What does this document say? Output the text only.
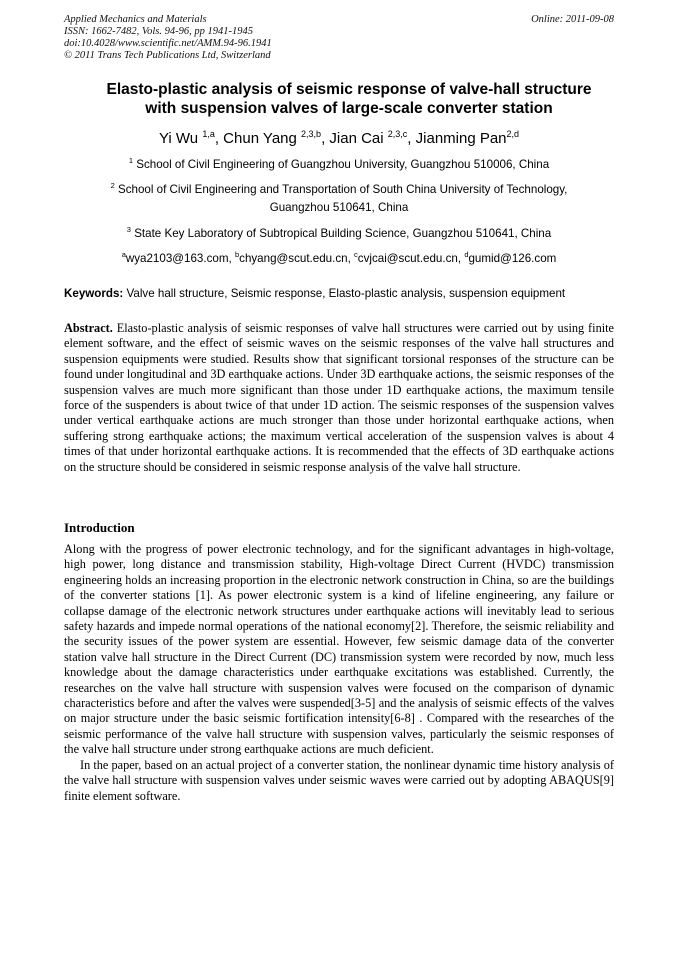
Applied Mechanics and Materials
ISSN: 1662-7482, Vols. 94-96, pp 1941-1945
doi:10.4028/www.scientific.net/AMM.94-96.1941
© 2011 Trans Tech Publications Ltd, Switzerland
Online: 2011-09-08
Elasto-plastic analysis of seismic response of valve-hall structure
with suspension valves of large-scale converter station
Yi Wu $^{1,a}$, Chun Yang $^{2,3,b}$, Jian Cai $^{2,3,c}$, Jianming Pan$^{2,d}$
$^1$ School of Civil Engineering of Guangzhou University, Guangzhou 510006, China
$^2$ School of Civil Engineering and Transportation of South China University of Technology,
Guangzhou 510641, China
$^3$ State Key Laboratory of Subtropical Building Science, Guangzhou 510641, China
$^a$wya2103@163.com, $^b$chyang@scut.edu.cn, $^c$cvjcai@scut.edu.cn, $^d$gumid@126.com
Keywords: Valve hall structure, Seismic response, Elasto-plastic analysis, suspension equipment
Abstract. Elasto-plastic analysis of seismic responses of valve hall structures were carried out by using finite element software, and the effect of seismic waves on the seismic responses of the valve hall structures and suspension equipments were studied. Results show that significant torsional responses of the structure can be found under longitudinal and 3D earthquake actions. Under 3D earthquake actions, the seismic responses of the suspension valves are much more significant than those under 1D earthquake actions, the maximum tensile force of the suspenders is about twice of that under 1D action. The seismic responses of the suspension valves under vertical earthquake actions are much stronger than those under horizontal earthquake actions, when suffering strong earthquake actions; the maximum vertical acceleration of the suspension valves is about 4 times of that under horizontal earthquake actions. It is recommended that the effects of 3D earthquake actions on the structure should be considered in seismic response analysis of the valve hall structure.
Introduction
Along with the progress of power electronic technology, and for the significant advantages in high-voltage, high power, long distance and transmission stability, High-voltage Direct Current (HVDC) transmission engineering holds an increasing proportion in the electronic network construction in China, so are the buildings of the converter stations [1]. As power electronic system is a kind of lifeline engineering, any failure or collapse damage of the electronic network structures under earthquake actions will inevitably lead to serious safety hazards and impede normal operations of the national economy[2]. Therefore, the seismic reliability and the security issues of the power system are essential. However, few seismic damage data of the converter station valve hall structure in the Direct Current (DC) transmission system were recorded by now, much less knowledge about the damage characteristics under earthquake excitations was established. Currently, the researches on the valve hall structure with suspension valves were focused on the comparison of dynamic characteristics before and after the valves were suspended[3-5] and the analysis of seismic effects of the valves on major structure under the basic seismic fortification intensity[6-8] . Compared with the researches of the seismic performance of the valve hall structure with suspension valves, particularly the seismic responses of the valve hall structure under strong earthquake actions are much deficient.
In the paper, based on an actual project of a converter station, the nonlinear dynamic time history analysis of the valve hall structure with suspension valves under seismic waves were carried out by adopting ABAQUS[9] finite element software.
